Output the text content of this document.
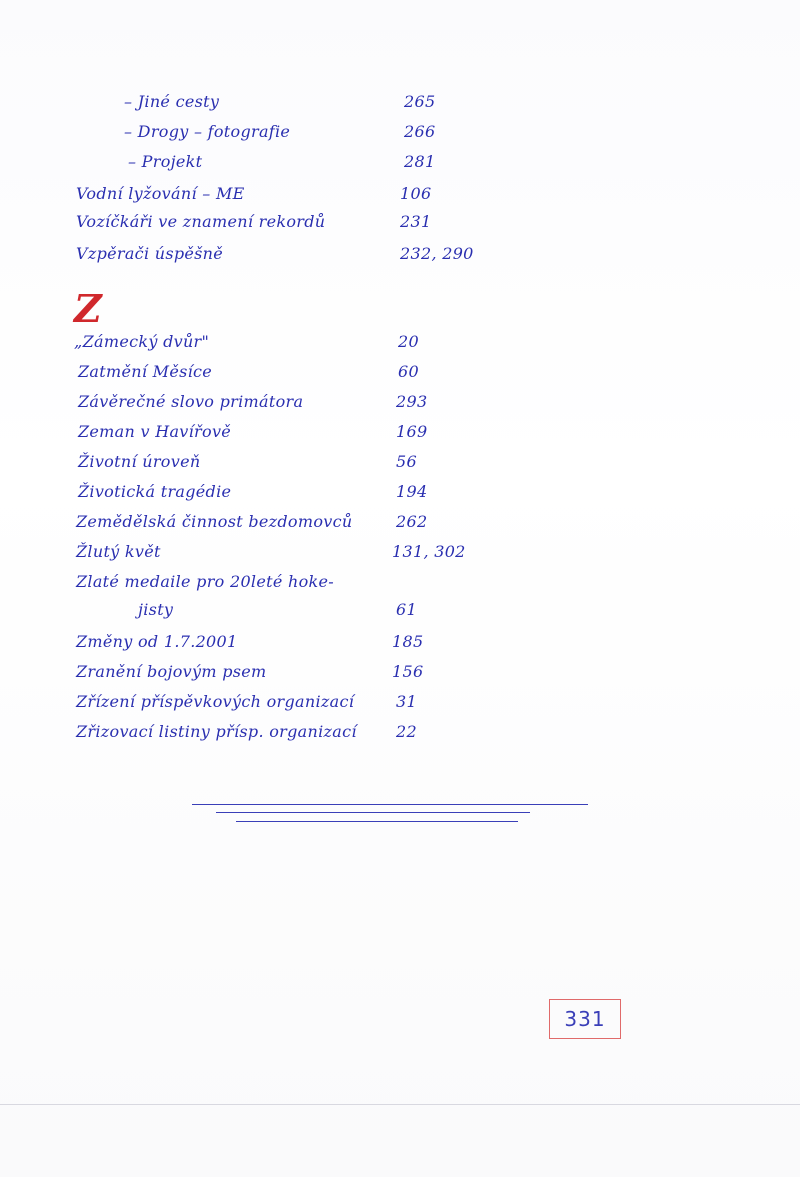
– Jiné cesty	265
– Drogy – fotografie	266
– Projekt	281
Vodní lyžování – ME	106
Vozíčkáři ve znamení rekordů	231
Vzpěrači úspěšně	232, 290
Z
„Zámecký dvůr"	20
Zatmění Měsíce	60
Závěrečné slovo primátora	293
Zeman v Havířově	169
Životní úroveň	56
Životická tragédie	194
Zemědělská činnost bezdomovců	262
Žlutý květ	131, 302
Zlaté medaile pro 20leté hoke-
jisty	61
Změny od 1.7.2001	185
Zranění bojovým psem	156
Zřízení příspěvkových organizací	31
Zřizovací listiny přísp. organizací 22
331
